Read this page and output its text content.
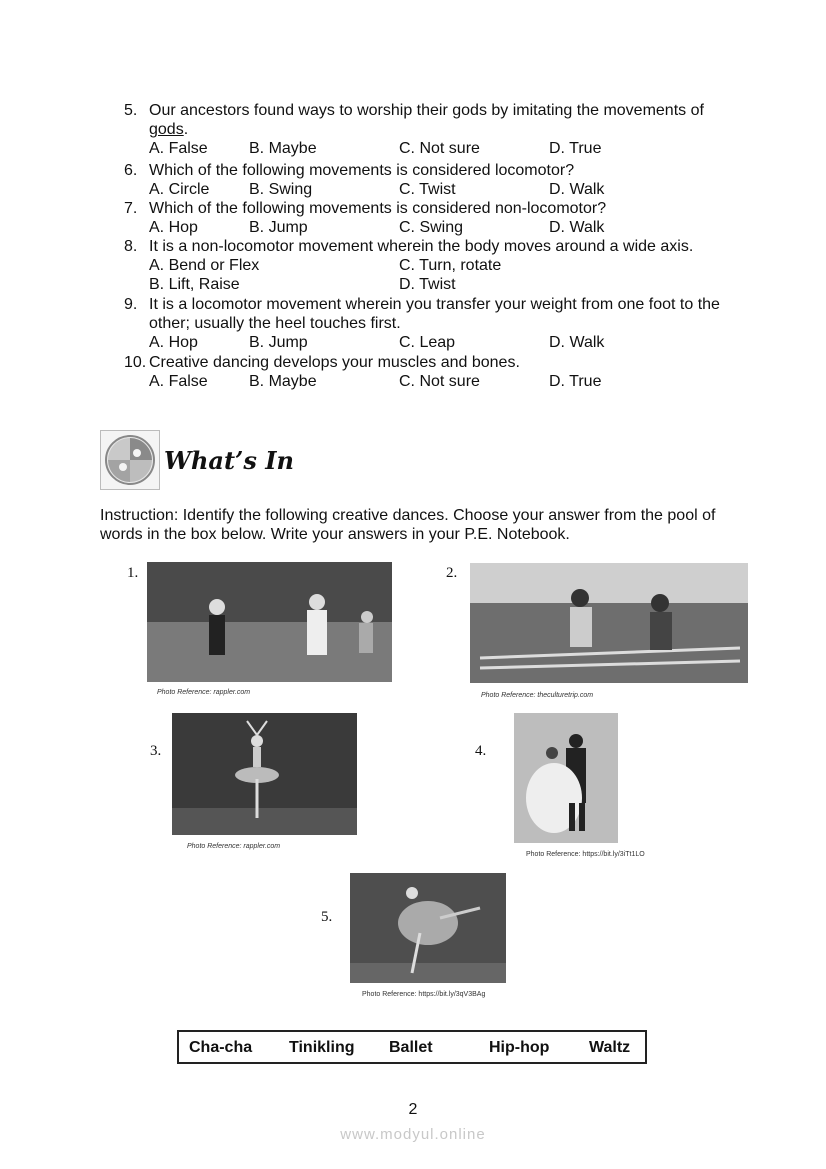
5. Our ancestors found ways to worship their gods by imitating the movements of gods.
A. False	B. Maybe	C. Not sure	D. True
6. Which of the following movements is considered locomotor?
A. Circle B. Swing	C. Twist	D. Walk
7. Which of the following movements is considered non-locomotor?
A. Hop	B. Jump	C. Swing	D. Walk
8. It is a non-locomotor movement wherein the body moves around a wide axis.
A. Bend or Flex	C. Turn, rotate
B. Lift, Raise	D. Twist
9. It is a locomotor movement wherein you transfer your weight from one foot to the other; usually the heel touches first.
A. Hop	B. Jump	C. Leap	D. Walk
10. Creative dancing develops your muscles and bones.
A. False	B. Maybe	C. Not sure	D. True
What’s In
Instruction: Identify the following creative dances. Choose your answer from the pool of words in the box below. Write your answers in your P.E. Notebook.
1.
Photo Reference: rappler.com
2.
Photo Reference: theculturetrip.com
3.
Photo Reference: rappler.com
4.
Photo Reference: https://bit.ly/3iTt1LO
5.
Photo Reference: https://bit.ly/3qV3BAg
Cha-cha Tinikling Ballet	Hip-hop Waltz
2
www.modyul.online
